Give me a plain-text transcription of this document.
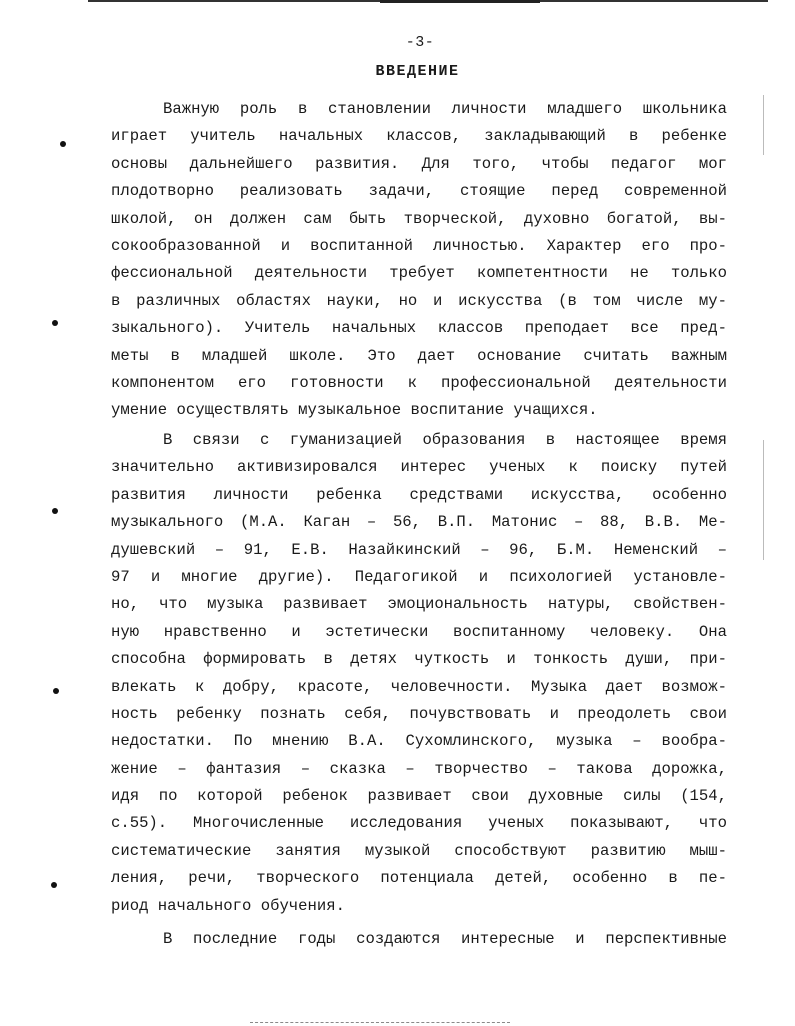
-3-
ВВЕДЕНИЕ
Важную роль в становлении личности младшего школьника
играет учитель начальных классов, закладывающий в ребенке
основы дальнейшего развития. Для того, чтобы педагог мог
плодотворно реализовать задачи, стоящие перед современной
школой, он должен сам быть творческой, духовно богатой, вы-
сокообразованной и воспитанной личностью. Характер его про-
фессиональной деятельности требует компетентности не только
в различных областях науки, но и искусства (в том числе му-
зыкального). Учитель начальных классов преподает все пред-
меты в младшей школе. Это дает основание считать важным
компонентом его готовности к профессиональной деятельности
умение осуществлять музыкальное воспитание учащихся.
В связи с гуманизацией образования в настоящее время
значительно активизировался интерес ученых к поиску путей
развития личности ребенка средствами искусства, особенно
музыкального (М.А. Каган – 56, В.П. Матонис – 88, В.В. Ме-
душевский – 91, Е.В. Назайкинский – 96, Б.М. Неменский –
97 и многие другие). Педагогикой и психологией установле-
но, что музыка развивает эмоциональность натуры, свойствен-
ную нравственно и эстетически воспитанному человеку. Она
способна формировать в детях чуткость и тонкость души, при-
влекать к добру, красоте, человечности. Музыка дает возмож-
ность ребенку познать себя, почувствовать и преодолеть свои
недостатки. По мнению В.А. Сухомлинского, музыка – вообра-
жение – фантазия – сказка – творчество – такова дорожка,
идя по которой ребенок развивает свои духовные силы (154,
с.55). Многочисленные исследования ученых показывают, что
систематические занятия музыкой способствуют развитию мыш-
ления, речи, творческого потенциала детей, особенно в пе-
риод начального обучения.
В последние годы создаются интересные и перспективные
